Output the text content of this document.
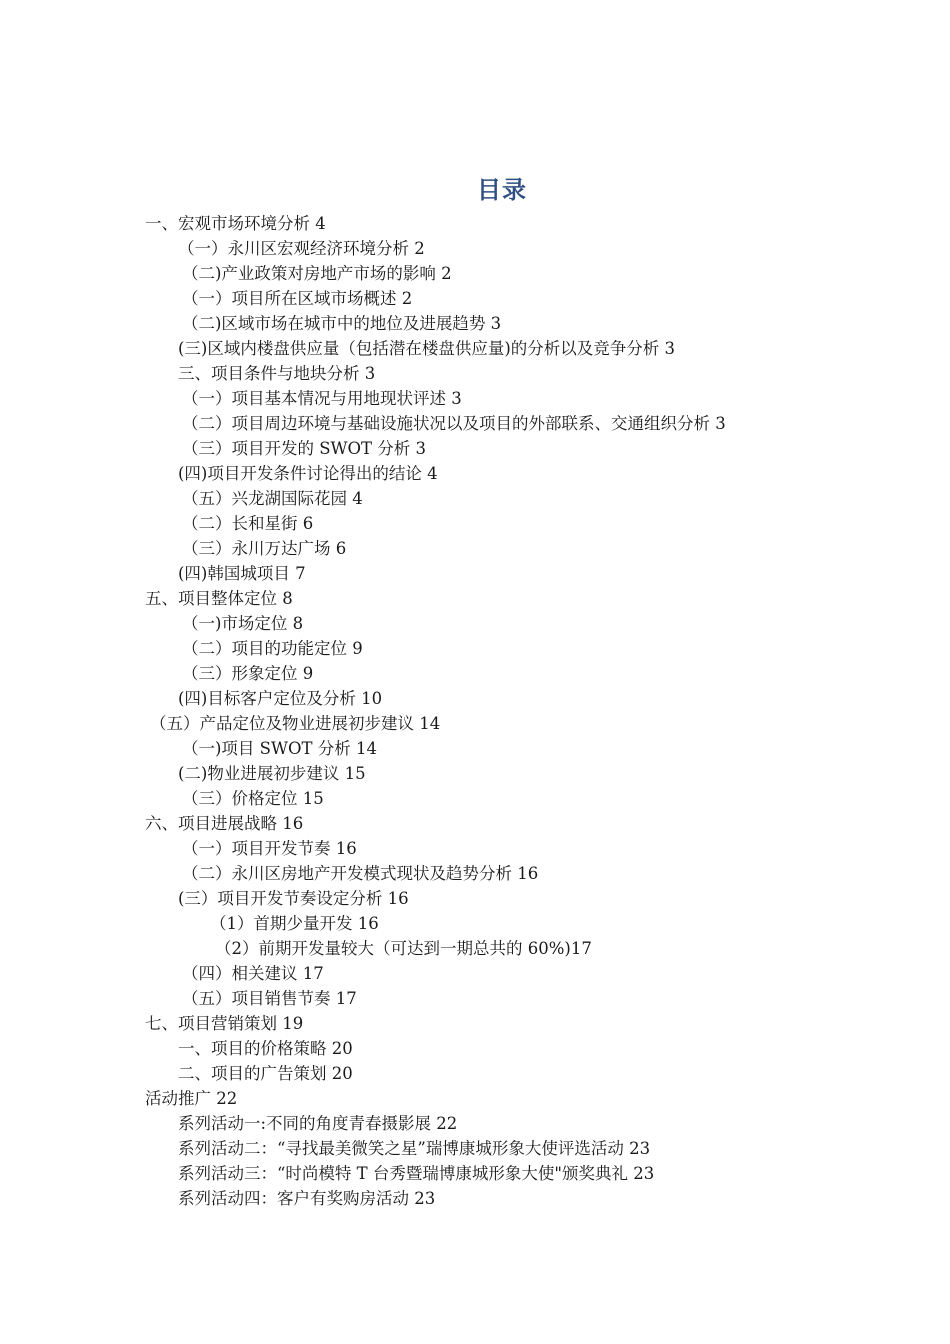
目录
一、宏观市场环境分析 4
（一）永川区宏观经济环境分析 2
（二)产业政策对房地产市场的影响 2
（一）项目所在区域市场概述 2
（二)区域市场在城市中的地位及进展趋势 3
(三)区域内楼盘供应量（包括潜在楼盘供应量)的分析以及竞争分析 3
三、项目条件与地块分析 3
（一）项目基本情况与用地现状评述 3
（二）项目周边环境与基础设施状况以及项目的外部联系、交通组织分析 3
（三）项目开发的 SWOT 分析 3
(四)项目开发条件讨论得出的结论 4
（五）兴龙湖国际花园 4
（二）长和星街 6
（三）永川万达广场 6
(四)韩国城项目 7
五、项目整体定位 8
（一)市场定位 8
（二）项目的功能定位 9
（三）形象定位 9
(四)目标客户定位及分析 10
（五）产品定位及物业进展初步建议 14
（一)项目 SWOT 分析 14
(二)物业进展初步建议 15
（三）价格定位 15
六、项目进展战略 16
（一）项目开发节奏 16
（二）永川区房地产开发模式现状及趋势分析 16
(三）项目开发节奏设定分析 16
（1）首期少量开发 16
（2）前期开发量较大（可达到一期总共的 60%)17
（四）相关建议 17
（五）项目销售节奏 17
七、项目营销策划 19
一、项目的价格策略 20
二、项目的广告策划 20
活动推广 22
系列活动一:不同的角度青春摄影展 22
系列活动二：“寻找最美微笑之星”瑞博康城形象大使评选活动 23
系列活动三：“时尚模特 T 台秀暨瑞博康城形象大使"颁奖典礼 23
系列活动四：客户有奖购房活动 23
